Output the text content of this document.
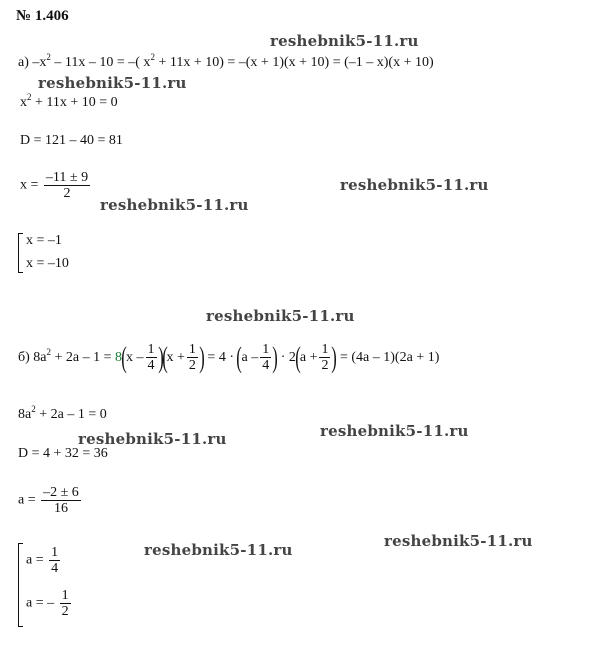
№ 1.406
reshebnik5-11.ru
reshebnik5-11.ru
reshebnik5-11.ru
reshebnik5-11.ru
reshebnik5-11.ru
reshebnik5-11.ru	reshebnik5-11.ru
reshebnik5-11.ru	reshebnik5-11.ru
а) $-x^2 - 11x - 10$ = –( $x^2 + 11x + 10) = -(x + 1)(x + 10) = (-1 - x)(x + 10)$
$x^2 + 11x + 10 = 0$
D = 121 – 40 = 81
$x = \frac{-11 \pm 9}{2}$
x = –1
x = –10
б) $8a^2 + 2a - 1 = 8(x - \frac{1}{4} )(x + \frac{1}{2}$ ) = $4 \cdot (a - \frac{1}{4}$ ) · $2(a + \frac{1}{2}$ ) = (4a – 1)(2a + 1)
$8a^2 + 2a - 1 = 0$
D = 4 + 32 = 36
$a = \frac{-2 \pm 6}{16}$
$a = \frac{1}{4}$
a = – $\frac{1}{2}$
